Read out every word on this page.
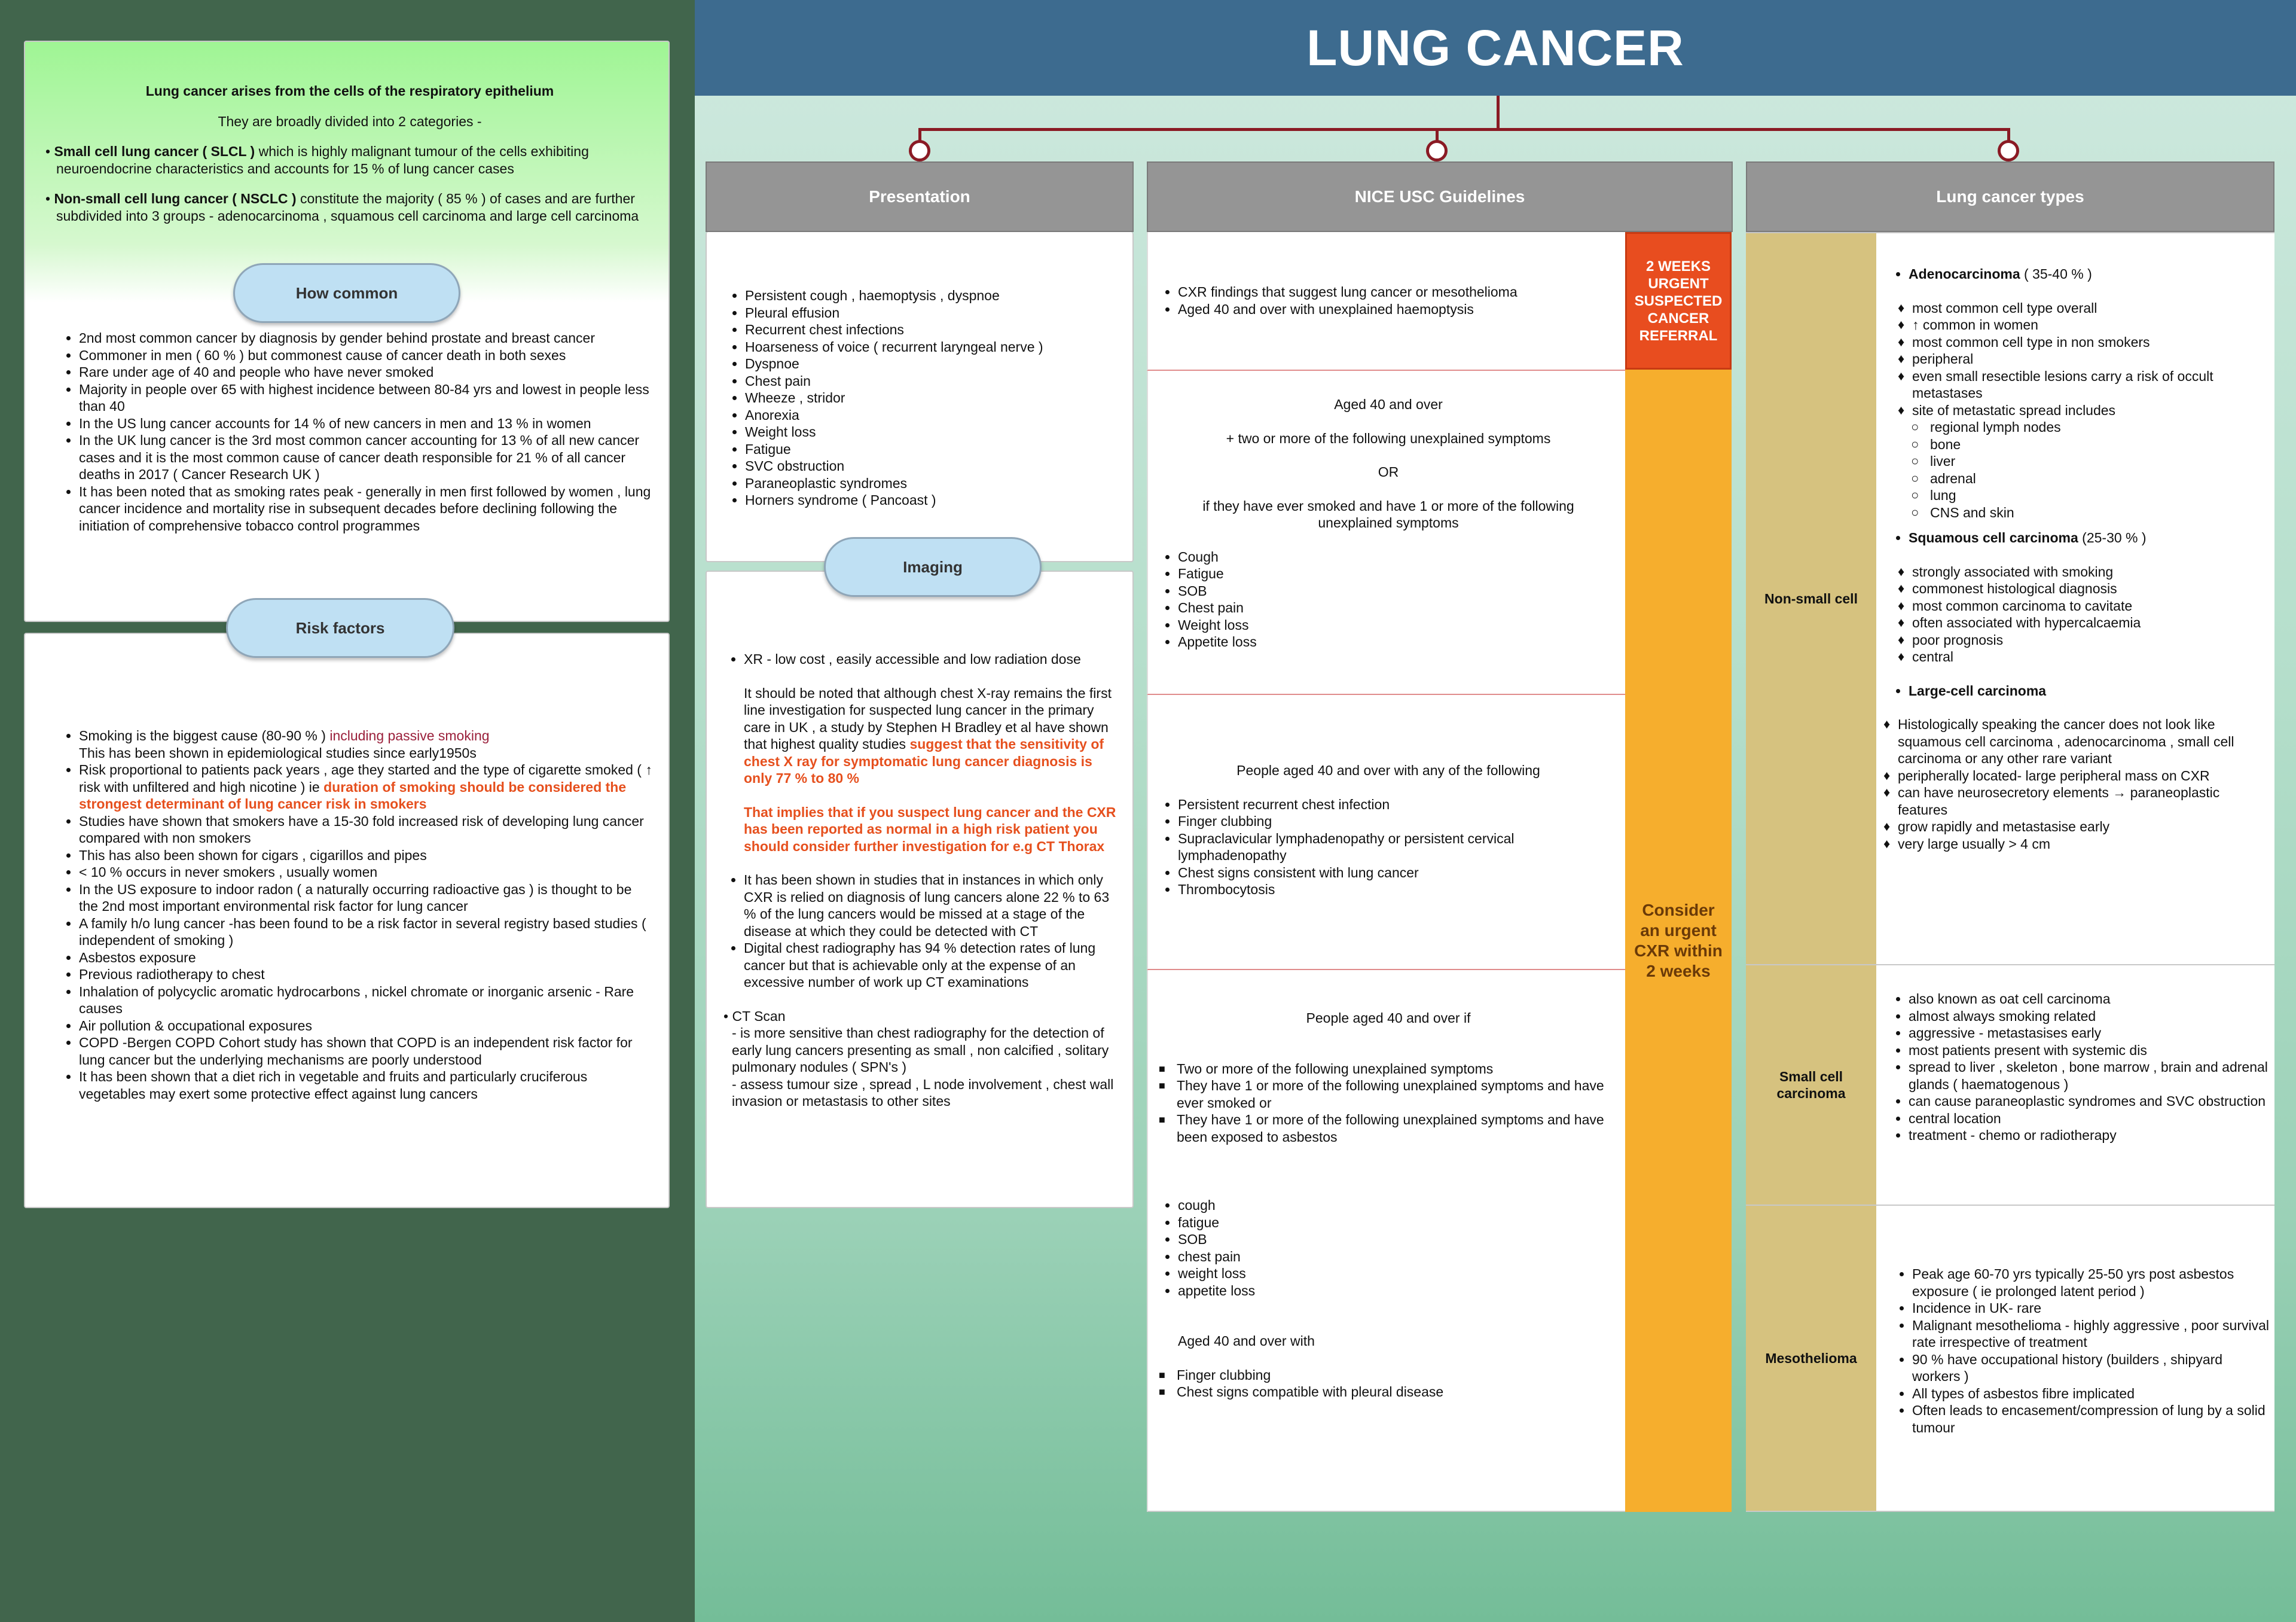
LUNG CANCER

Lung cancer arises from the cells of the respiratory epithelium

They are broadly divided into 2 categories -

• Small cell lung cancer ( SLCL ) which is highly malignant tumour of the cells exhibiting neuroendocrine characteristics and accounts for 15 % of lung cancer cases

• Non-small cell lung cancer ( NSCLC ) constitute the majority ( 85 % ) of cases and are further subdivided into 3 groups - adenocarcinoma , squamous cell carcinoma and large cell carcinoma

• 2nd most common cancer by diagnosis by gender behind prostate and breast cancer
• Commoner in men ( 60 % ) but commonest cause of cancer death in both sexes
• Rare under age of 40 and people who have never smoked
• Majority in people over 65 with highest incidence between 80-84 yrs and lowest in people less than 40
• In the US lung cancer accounts for 14 % of new cancers in men and 13 % in women
• In the UK lung cancer is the 3rd most common cancer accounting for 13 % of all new cancer cases and it is the most common cause of cancer death responsible for 21 % of all cancer deaths in 2017 ( Cancer Research UK )
• It has been noted that as smoking rates peak - generally in men first followed by women , lung cancer incidence and mortality rise in subsequent decades before declining following the initiation of comprehensive tobacco control programmes
How common
• Smoking is the biggest cause (80-90 % ) including passive smoking
This has been shown in epidemiological studies since early1950s
• Risk proportional to patients pack years , age they started and the type of cigarette smoked ( ↑ risk with unfiltered and high nicotine ) ie duration of smoking should be considered the strongest determinant of lung cancer risk in smokers
• Studies have shown that smokers have a 15-30 fold increased risk of developing lung cancer compared with non smokers
• This has also been shown for cigars , cigarillos and pipes
• < 10 % occurs in never smokers , usually women
• In the US exposure to indoor radon ( a naturally occurring radioactive gas ) is thought to be the 2nd most important environmental risk factor for lung cancer
• A family h/o lung cancer -has been found to be a risk factor in several registry based studies ( independent of smoking )
• Asbestos exposure
• Previous radiotherapy to chest
• Inhalation of polycyclic aromatic hydrocarbons , nickel chromate or inorganic arsenic - Rare causes
• Air pollution & occupational exposures
• COPD -Bergen COPD Cohort study has shown that COPD is an independent risk factor for lung cancer but the underlying mechanisms are poorly understood
• It has been shown that a diet rich in vegetable and fruits and particularly cruciferous vegetables may exert some protective effect against lung cancers
Risk factors
Presentation	NICE USC Guidelines	Lung cancer types
• Persistent cough , haemoptysis , dyspnoe
• Pleural effusion
• Recurrent chest infections
• Hoarseness of voice ( recurrent laryngeal nerve )
• Dyspnoe
• Chest pain
• Wheeze , stridor
• Anorexia
• Weight loss
• Fatigue
• SVC obstruction
• Paraneoplastic syndromes
• Horners syndrome ( Pancoast )
• XR - low cost , easily accessible and low radiation dose

It should be noted that although chest X-ray remains the first line investigation for suspected lung cancer in the primary care in UK , a study by Stephen H Bradley et al have shown that highest quality studies suggest that the sensitivity of chest X ray for symptomatic lung cancer diagnosis is only 77 % to 80 %

That implies that if you suspect lung cancer and the CXR has been reported as normal in a high risk patient you should consider further investigation for e.g CT Thorax

• It has been shown in studies that in instances in which only CXR is relied on diagnosis of lung cancers alone 22 % to 63 % of the lung cancers would be missed at a stage of the disease at which they could be detected with CT
• Digital chest radiography has 94 % detection rates of lung cancer but that is achievable only at the expense of an excessive number of work up CT examinations

• CT Scan

- is more sensitive than chest radiography for the detection of early lung cancers presenting as small , non calcified , solitary pulmonary nodules ( SPN's )
- assess tumour size , spread , L node involvement , chest wall invasion or metastasis to other sites

Imaging
• CXR findings that suggest lung cancer or mesothelioma
• Aged 40 and over with unexplained haemoptysis

Aged 40 and over

+ two or more of the following unexplained symptoms

OR

if they have ever smoked and have 1 or more of the following unexplained symptoms

• Cough
• Fatigue
• SOB
• Chest pain
• Weight loss
• Appetite loss

People aged 40 and over with any of the following

• Persistent recurrent chest infection
• Finger clubbing
• Supraclavicular lymphadenopathy or persistent cervical lymphadenopathy
• Chest signs consistent with lung cancer
• Thrombocytosis

People aged 40 and over if

■ Two or more of the following unexplained symptoms
■ They have 1 or more of the following unexplained symptoms and have ever smoked or
■ They have 1 or more of the following unexplained symptoms and have been exposed to asbestos
• cough
• fatigue
• SOB
• chest pain
• weight loss
• appetite loss

Aged 40 and over with

■ Finger clubbing
■ Chest signs compatible with pleural disease
2 WEEKS URGENT SUSPECTED CANCER REFERRAL
Consider an urgent CXR within 2 weeks
Non-small cell
• Adenocarcinoma ( 35-40 % )
♦ most common cell type overall
♦ ↑ common in women
♦ most common cell type in non smokers
♦ peripheral
♦ even small resectible lesions carry a risk of occult metastases
♦ site of metastatic spread includes
○ regional lymph nodes
○ bone
○ liver
○ adrenal
○ lung
○ CNS and skin
• Squamous cell carcinoma (25-30 % )
♦ strongly associated with smoking
♦ commonest histological diagnosis
♦ most common carcinoma to cavitate
♦ often associated with hypercalcaemia
♦ poor prognosis
♦ central
• Large-cell carcinoma
♦ Histologically speaking the cancer does not look like squamous cell carcinoma , adenocarcinoma , small cell carcinoma or any other rare variant
♦ peripherally located- large peripheral mass on CXR
♦ can have neurosecretory elements → paraneoplastic features
♦ grow rapidly and metastasise early
♦ very large usually > 4 cm
Small cell carcinoma
• also known as oat cell carcinoma
• almost always smoking related
• aggressive - metastasises early
• most patients present with systemic dis
• spread to liver , skeleton , bone marrow , brain and adrenal glands ( haematogenous )
• can cause paraneoplastic syndromes and SVC obstruction
• central location
• treatment - chemo or radiotherapy
Mesothelioma
• Peak age 60-70 yrs typically 25-50 yrs post asbestos exposure ( ie prolonged latent period )
• Incidence in UK- rare
• Malignant mesothelioma - highly aggressive , poor survival rate irrespective of treatment
• 90 % have occupational history (builders , shipyard workers )
• All types of asbestos fibre implicated
• Often leads to encasement/compression of lung by a solid tumour
